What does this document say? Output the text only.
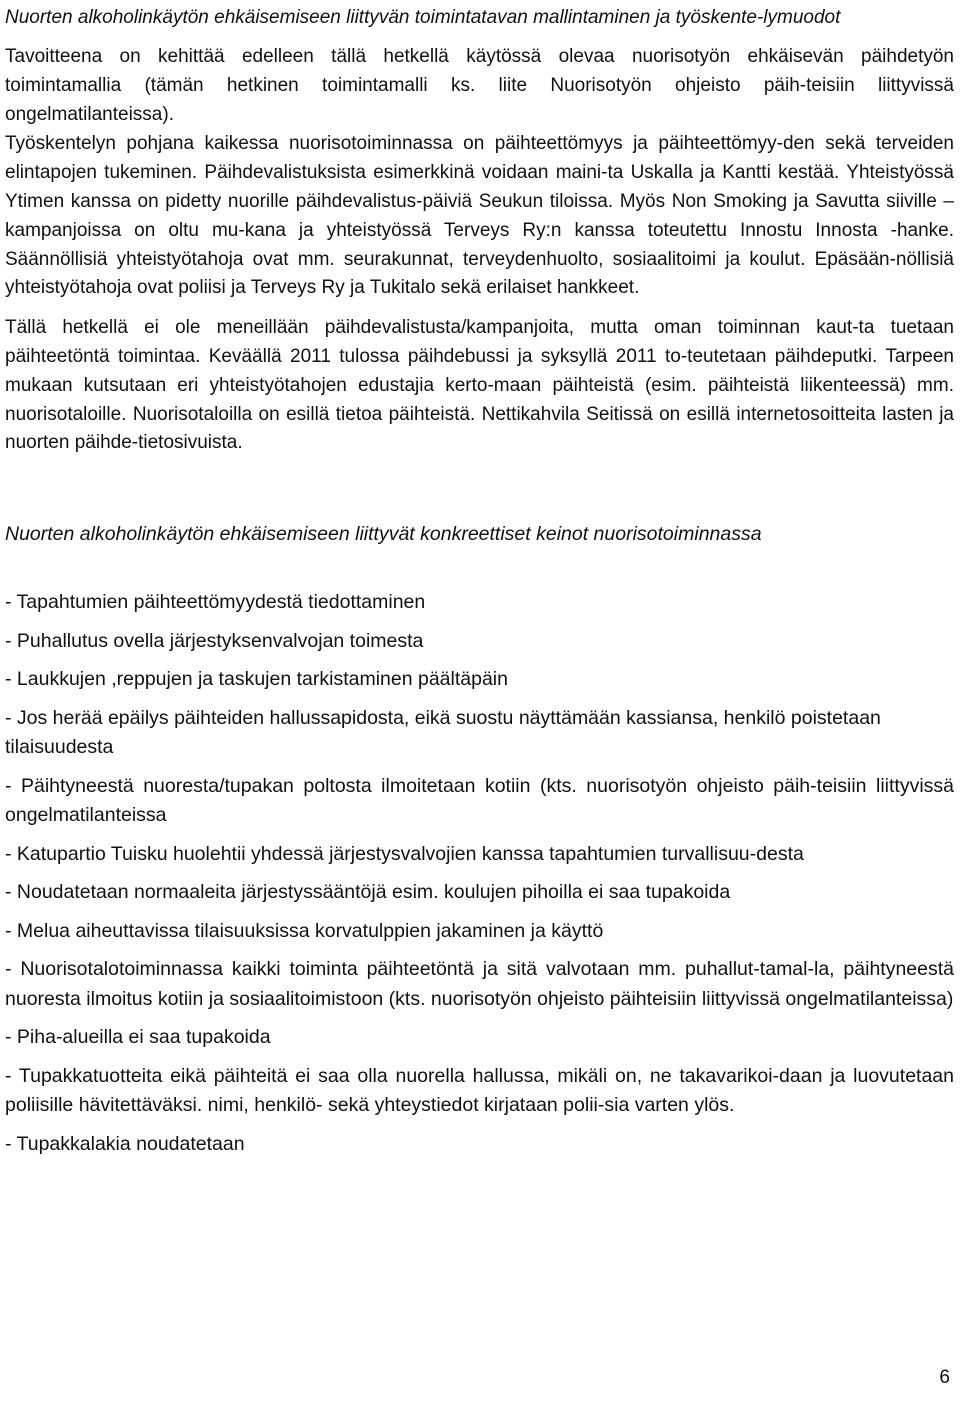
Nuorten alkoholinkäytön ehkäisemiseen liittyvän toimintatavan mallintaminen ja työskente-lymuodot

Tavoitteena on kehittää edelleen tällä hetkellä käytössä olevaa nuorisotyön ehkäisevän päihdetyön toimintamallia (tämän hetkinen toimintamalli ks. liite Nuorisotyön ohjeisto päih-teisiin liittyvissä ongelmatilanteissa).

Työskentelyn pohjana kaikessa nuorisotoiminnassa on päihteettömyys ja päihteettömyy-den sekä terveiden elintapojen tukeminen. Päihdevalistuksista esimerkkinä voidaan maini-ta Uskalla ja Kantti kestää. Yhteistyössä Ytimen kanssa on pidetty nuorille päihdevalistus-päiviä Seukun tiloissa. Myös Non Smoking ja Savutta siiville – kampanjoissa on oltu mu-kana ja yhteistyössä Terveys Ry:n kanssa toteutettu Innostu Innosta -hanke. Säännöllisiä yhteistyötahoja ovat mm. seurakunnat, terveydenhuolto, sosiaalitoimi ja koulut. Epäsään-nöllisiä yhteistyötahoja ovat poliisi ja Terveys Ry ja Tukitalo sekä erilaiset hankkeet.

Tällä hetkellä ei ole meneillään päihdevalistusta/kampanjoita, mutta oman toiminnan kaut-ta tuetaan päihteetöntä toimintaa. Keväällä 2011 tulossa päihdebussi ja syksyllä 2011 to-teutetaan päihdeputki. Tarpeen mukaan kutsutaan eri yhteistyötahojen edustajia kerto-maan päihteistä (esim. päihteistä liikenteessä) mm. nuorisotaloille. Nuorisotaloilla on esillä tietoa päihteistä. Nettikahvila Seitissä on esillä internetosoitteita lasten ja nuorten päihde-tietosivuista.

Nuorten alkoholinkäytön ehkäisemiseen liittyvät konkreettiset keinot nuorisotoiminnassa

- Tapahtumien päihteettömyydestä tiedottaminen
- Puhallutus ovella järjestyksenvalvojan toimesta
- Laukkujen ,reppujen ja taskujen tarkistaminen päältäpäin
- Jos herää epäilys päihteiden hallussapidosta, eikä suostu näyttämään kassiansa, henkilö poistetaan tilaisuudesta
- Päihtyneestä nuoresta/tupakan poltosta ilmoitetaan kotiin (kts. nuorisotyön ohjeisto päih-teisiin liittyvissä ongelmatilanteissa
- Katupartio Tuisku huolehtii yhdessä järjestysvalvojien kanssa tapahtumien turvallisuu-desta
- Noudatetaan normaaleita järjestyssääntöjä esim. koulujen pihoilla ei saa tupakoida
- Melua aiheuttavissa tilaisuuksissa korvatulppien jakaminen ja käyttö
- Nuorisotalotoiminnassa kaikki toiminta päihteetöntä ja sitä valvotaan mm. puhallut-tamal-la, päihtyneestä nuoresta ilmoitus kotiin ja sosiaalitoimistoon (kts. nuorisotyön ohjeisto päihteisiin liittyvissä ongelmatilanteissa)
- Piha-alueilla ei saa tupakoida
- Tupakkatuotteita eikä päihteitä ei saa olla nuorella hallussa, mikäli on, ne takavarikoi-daan ja luovutetaan poliisille hävitettäväksi. nimi, henkilö- sekä yhteystiedot kirjataan polii-sia varten ylös.
- Tupakkalakia noudatetaan
6
